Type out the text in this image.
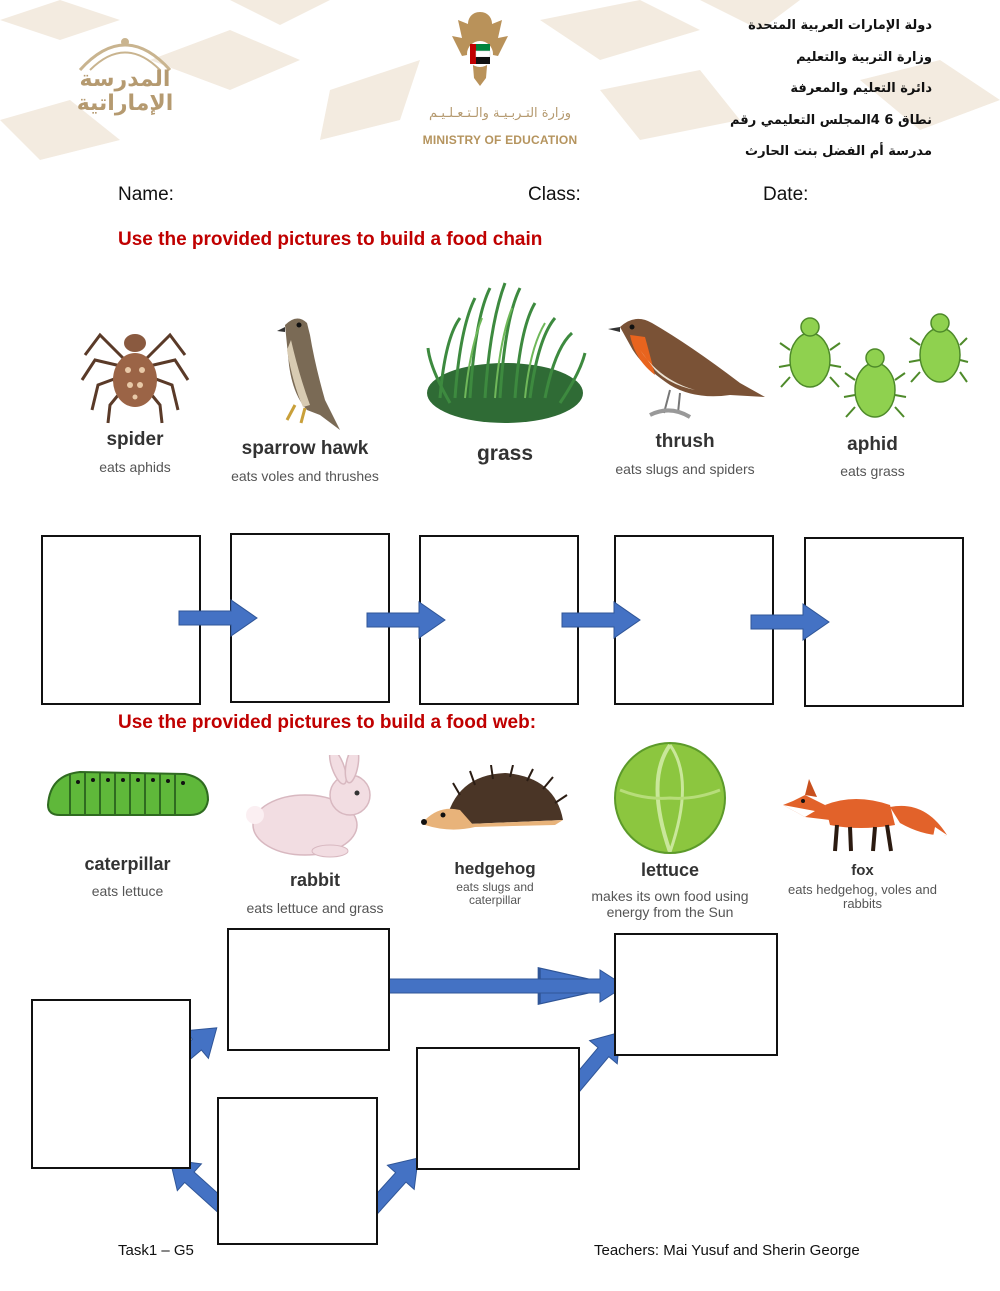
المدرسة الإماراتية	وزارة التـربـيـة والـتـعـلـيـم
MINISTRY OF EDUCATION
دولة الإمارات العربية المتحدة
وزارة التربية والتعليم
دائرة التعليم والمعرفة
نطاق 6 4المجلس التعليمي رقم
مدرسة أم الفضل بنت الحارث
Name:	Class:	Date:
Use the provided pictures to build a food chain
spider
eats aphids
sparrow hawk
eats voles and thrushes
grass
thrush
eats slugs and spiders
aphid
eats grass
Use the provided pictures to build a food web:
caterpillar
eats lettuce
rabbit
eats lettuce and grass
hedgehog
eats slugs and caterpillar
lettuce
makes its own food using energy from the Sun
fox
eats hedgehog, voles and rabbits
Task1 – G5	Teachers: Mai Yusuf and Sherin George
